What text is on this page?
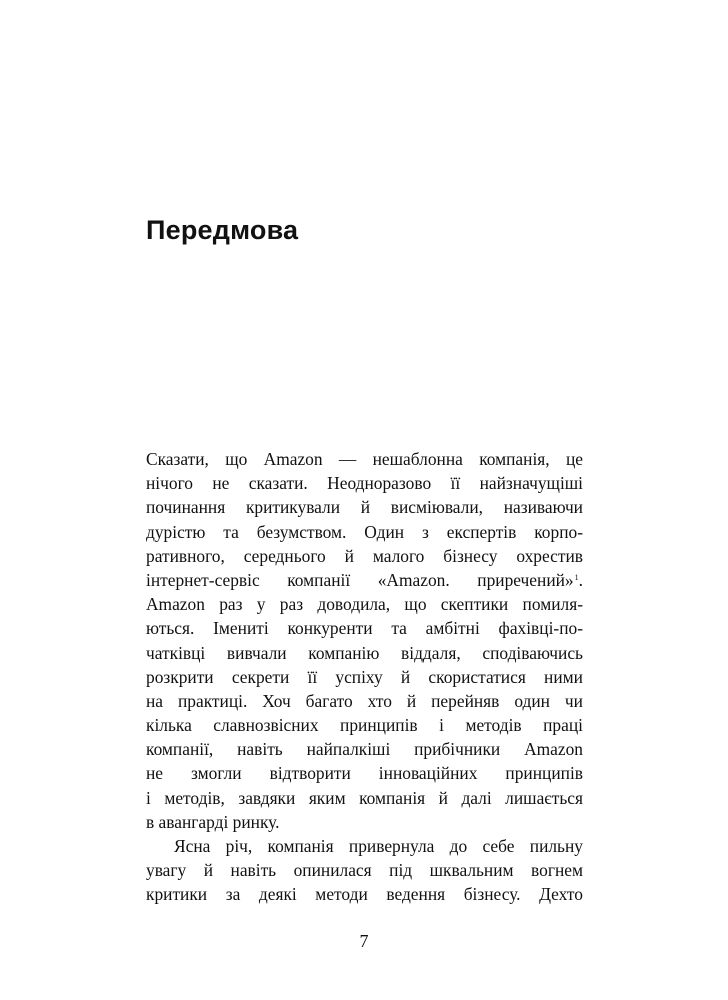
Передмова
Сказати, що Amazon — нешаблонна компанія, це
нічого не сказати. Неодноразово її найзначущіші
починання критикували й висміювали, називаючи
дурістю та безумством. Один з експертів корпо-
ративного, середнього й малого бізнесу охрестив
інтернет-сервіс компанії «Amazon. приречений»$^1$.
Amazon раз у раз доводила, що скептики помиля-
ються. Імениті конкуренти та амбітні фахівці-по-
чатківці вивчали компанію віддаля, сподіваючись
розкрити секрети її успіху й скористатися ними
на практиці. Хоч багато хто й перейняв один чи
кілька славнозвісних принципів і методів праці
компанії, навіть найпалкіші прибічники Amazon
не змогли відтворити інноваційних принципів
і методів, завдяки яким компанія й далі лишається
в авангарді ринку.
Ясна річ, компанія привернула до себе пильну
увагу й навіть опинилася під шквальним вогнем
критики за деякі методи ведення бізнесу. Дехто
7
